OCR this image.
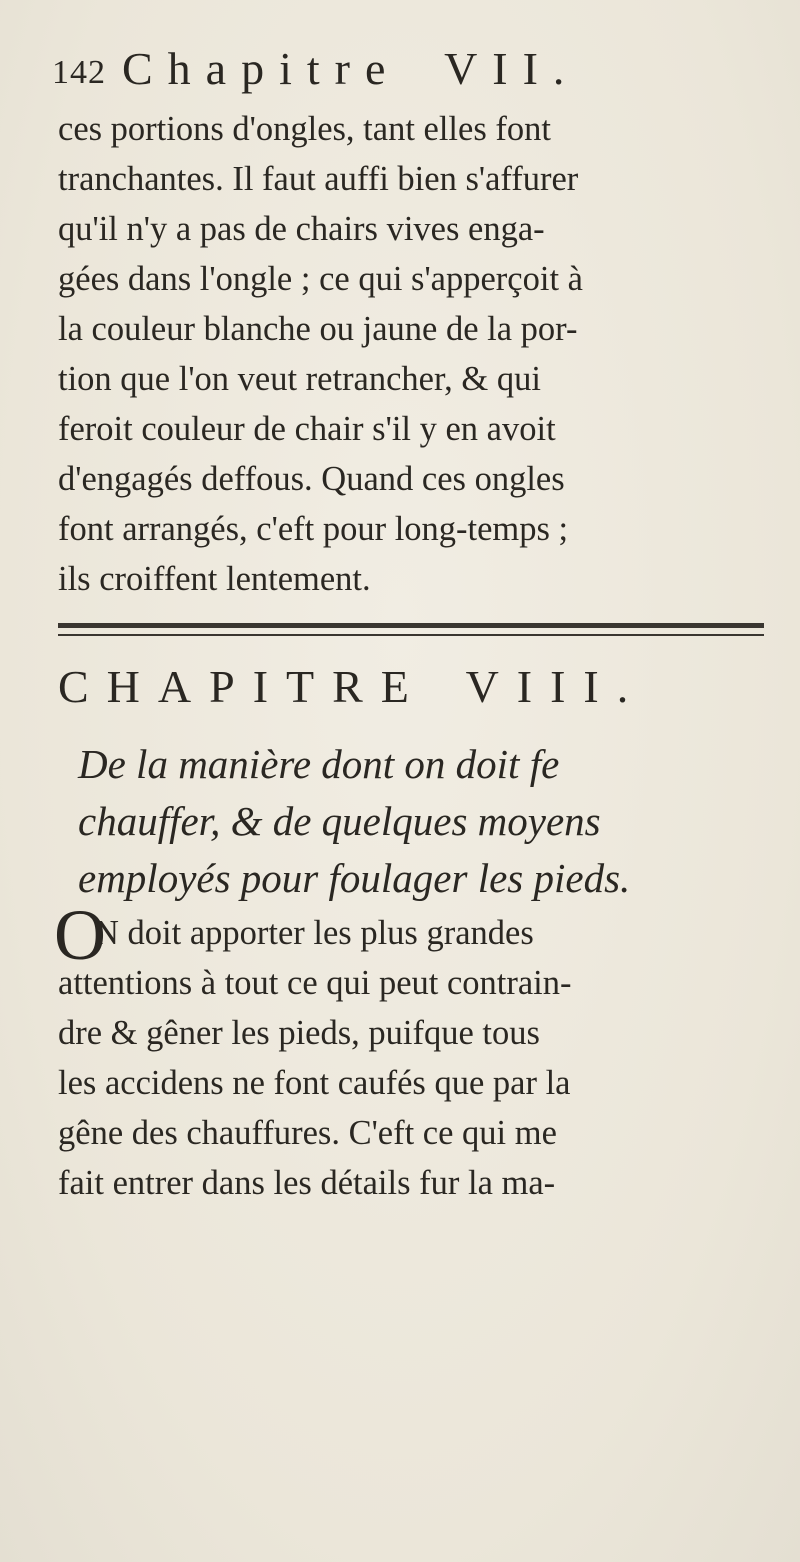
142 Chapitre VII.
ces portions d'ongles, tant elles font
tranchantes. Il faut auffi bien s'affurer
qu'il n'y a pas de chairs vives enga-
gées dans l'ongle ; ce qui s'apperçoit à
la couleur blanche ou jaune de la por-
tion que l'on veut retrancher, & qui
feroit couleur de chair s'il y en avoit
d'engagés deffous. Quand ces ongles
font arrangés, c'eft pour long-temps ;
ils croiffent lentement.
CHAPITRE VIII.
De la manière dont on doit fe
chauffer, & de quelques moyens
employés pour foulager les pieds.
O
N doit apporter les plus grandes
attentions à tout ce qui peut contrain-
dre & gêner les pieds, puifque tous
les accidens ne font caufés que par la
gêne des chauffures. C'eft ce qui me
fait entrer dans les détails fur la ma-
